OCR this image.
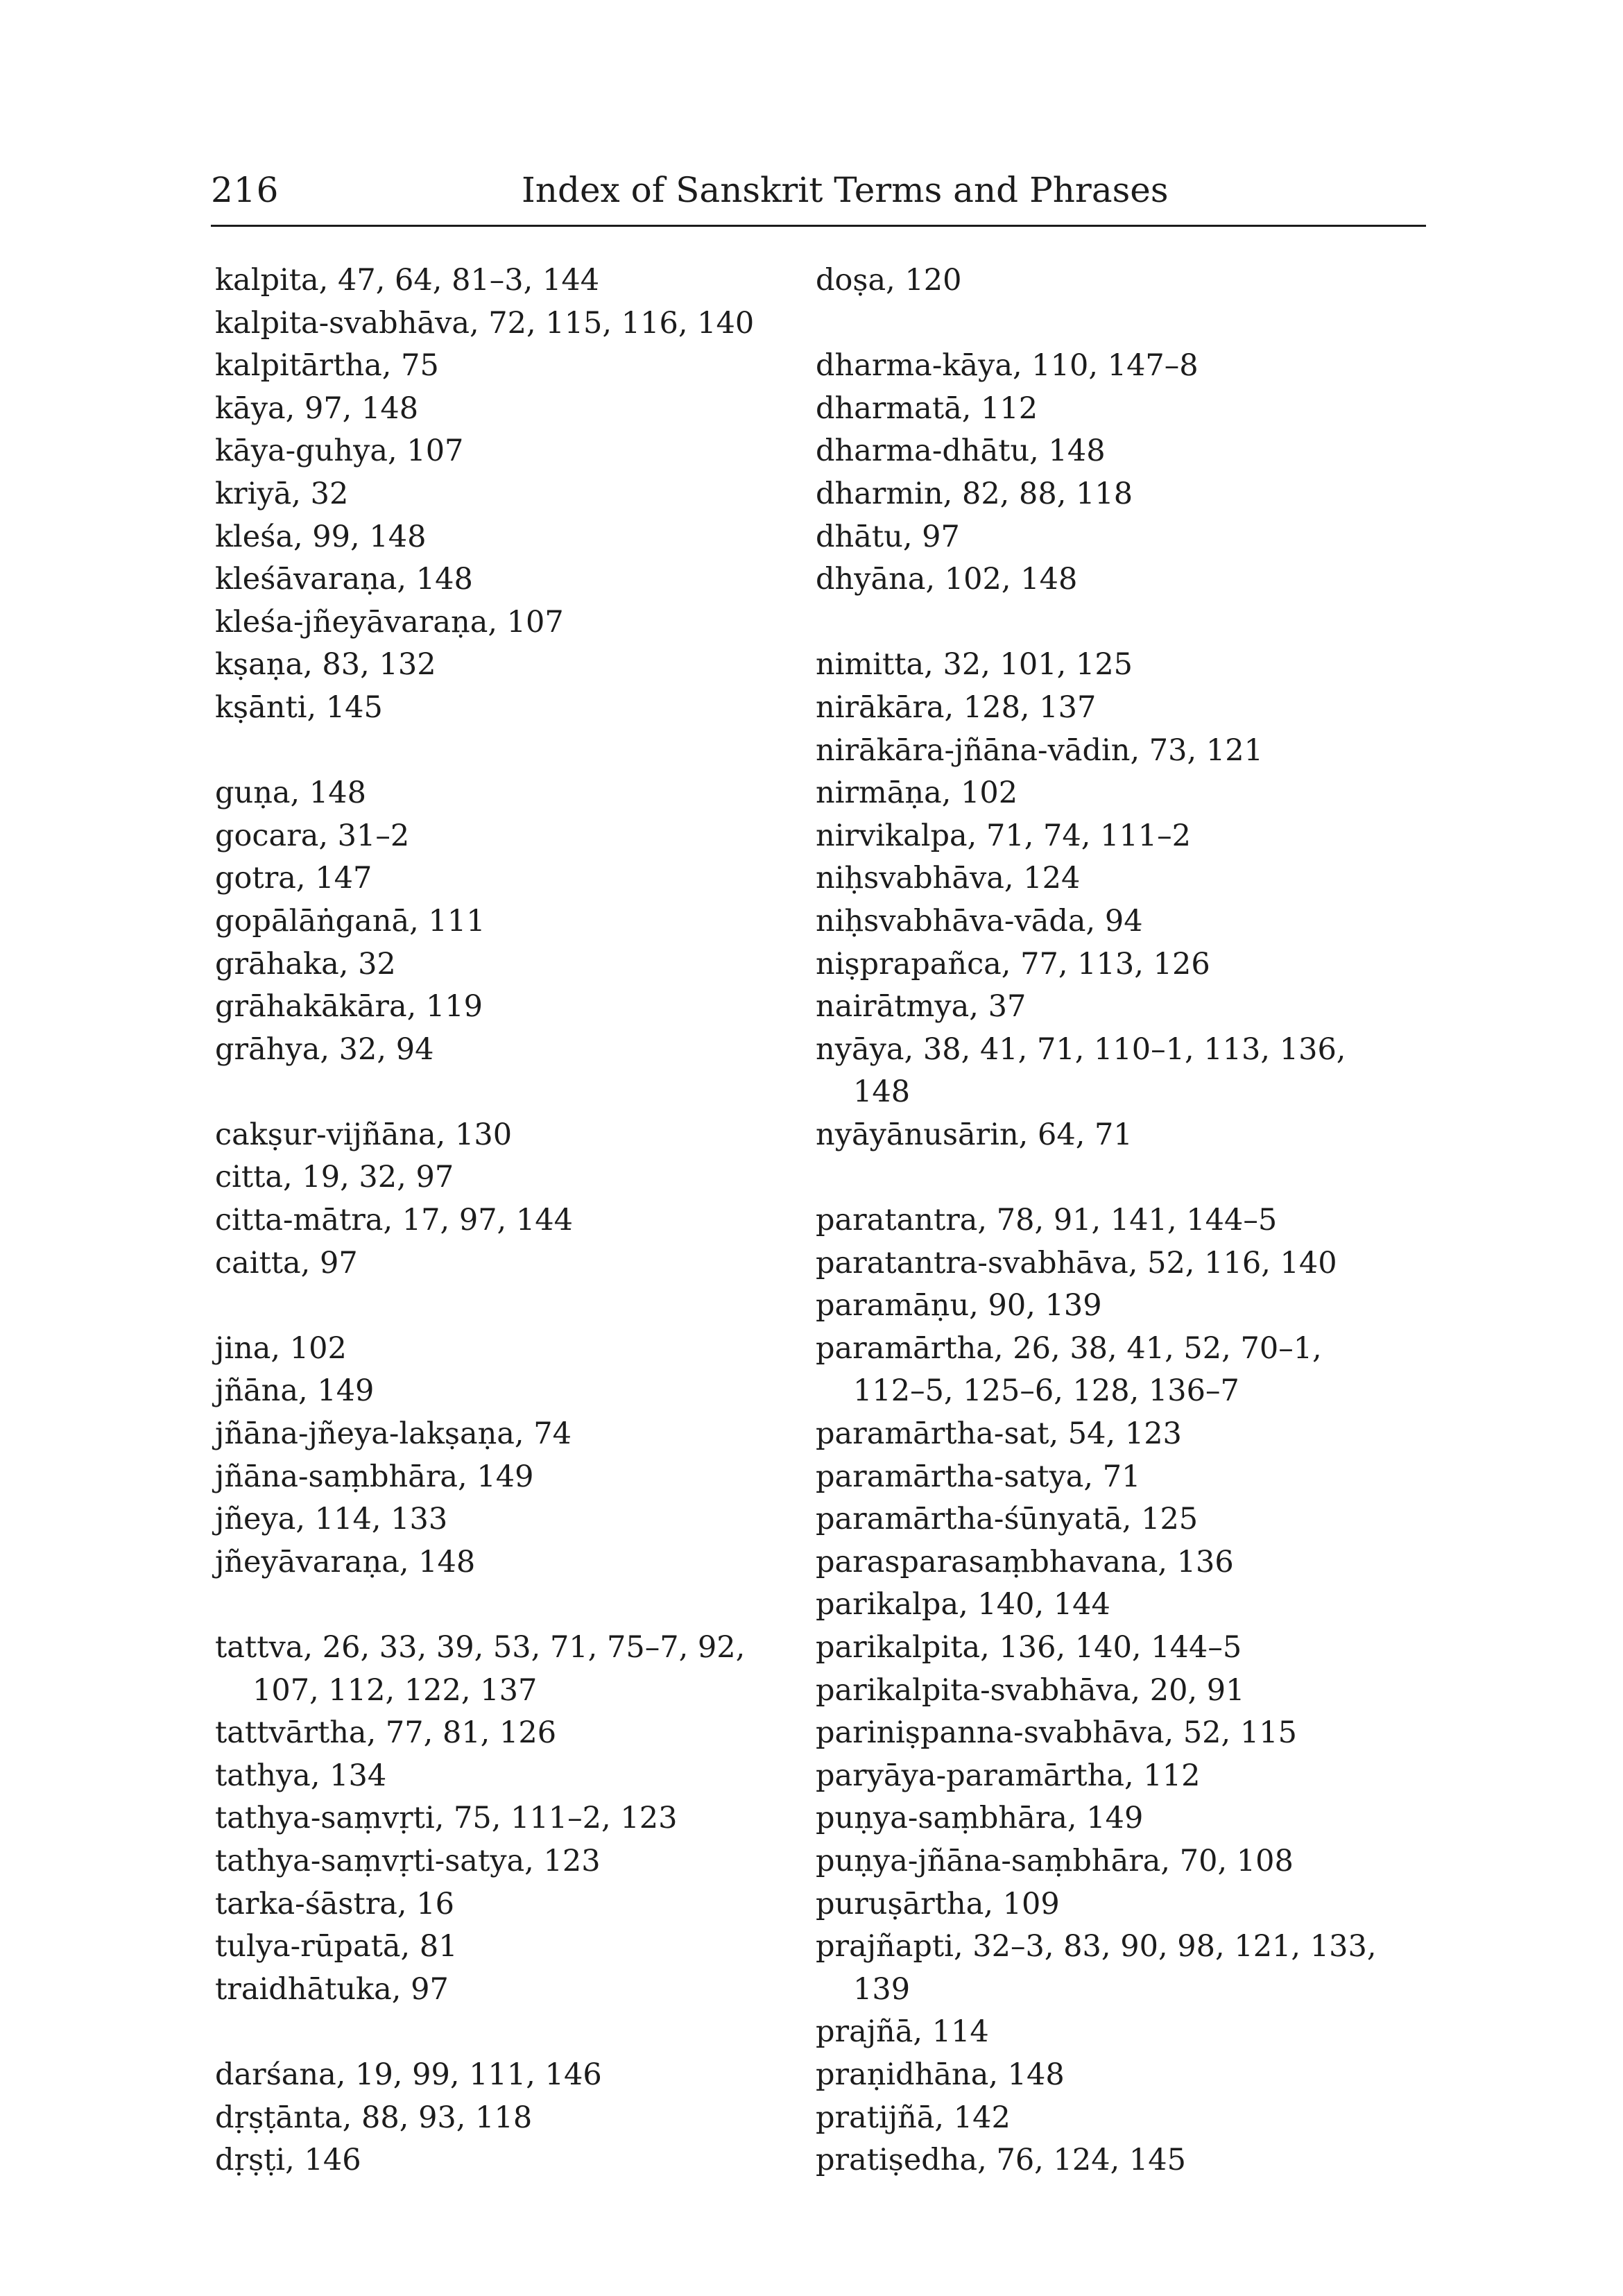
216	Index of Sanskrit Terms and Phrases
kalpita, 47, 64, 81–3, 144
kalpita-svabhāva, 72, 115, 116, 140
kalpitārtha, 75
kāya, 97, 148
kāya-guhya, 107
kriyā, 32
kleśa, 99, 148
kleśāvaraṇa, 148
kleśa-jñeyāvaraṇa, 107
kṣaṇa, 83, 132
kṣānti, 145
guṇa, 148
gocara, 31–2
gotra, 147
gopālāṅganā, 111
grāhaka, 32
grāhakākāra, 119
grāhya, 32, 94
cakṣur-vijñāna, 130
citta, 19, 32, 97
citta-mātra, 17, 97, 144
caitta, 97
jina, 102
jñāna, 149
jñāna-jñeya-lakṣaṇa, 74
jñāna-saṃbhāra, 149
jñeya, 114, 133
jñeyāvaraṇa, 148
tattva, 26, 33, 39, 53, 71, 75–7, 92,
107, 112, 122, 137
tattvārtha, 77, 81, 126
tathya, 134
tathya-saṃvṛti, 75, 111–2, 123
tathya-saṃvṛti-satya, 123
tarka-śāstra, 16
tulya-rūpatā, 81
traidhātuka, 97
darśana, 19, 99, 111, 146
dṛṣṭānta, 88, 93, 118
dṛṣṭi, 146
doṣa, 120
dharma-kāya, 110, 147–8
dharmatā, 112
dharma-dhātu, 148
dharmin, 82, 88, 118
dhātu, 97
dhyāna, 102, 148
nimitta, 32, 101, 125
nirākāra, 128, 137
nirākāra-jñāna-vādin, 73, 121
nirmāṇa, 102
nirvikalpa, 71, 74, 111–2
niḥsvabhāva, 124
niḥsvabhāva-vāda, 94
niṣprapañca, 77, 113, 126
nairātmya, 37
nyāya, 38, 41, 71, 110–1, 113, 136,
148
nyāyānusārin, 64, 71
paratantra, 78, 91, 141, 144–5
paratantra-svabhāva, 52, 116, 140
paramāṇu, 90, 139
paramārtha, 26, 38, 41, 52, 70–1,
112–5, 125–6, 128, 136–7
paramārtha-sat, 54, 123
paramārtha-satya, 71
paramārtha-śūnyatā, 125
parasparasaṃbhavana, 136
parikalpa, 140, 144
parikalpita, 136, 140, 144–5
parikalpita-svabhāva, 20, 91
pariniṣpanna-svabhāva, 52, 115
paryāya-paramārtha, 112
puṇya-saṃbhāra, 149
puṇya-jñāna-saṃbhāra, 70, 108
puruṣārtha, 109
prajñapti, 32–3, 83, 90, 98, 121, 133,
139
prajñā, 114
praṇidhāna, 148
pratijñā, 142
pratiṣedha, 76, 124, 145
